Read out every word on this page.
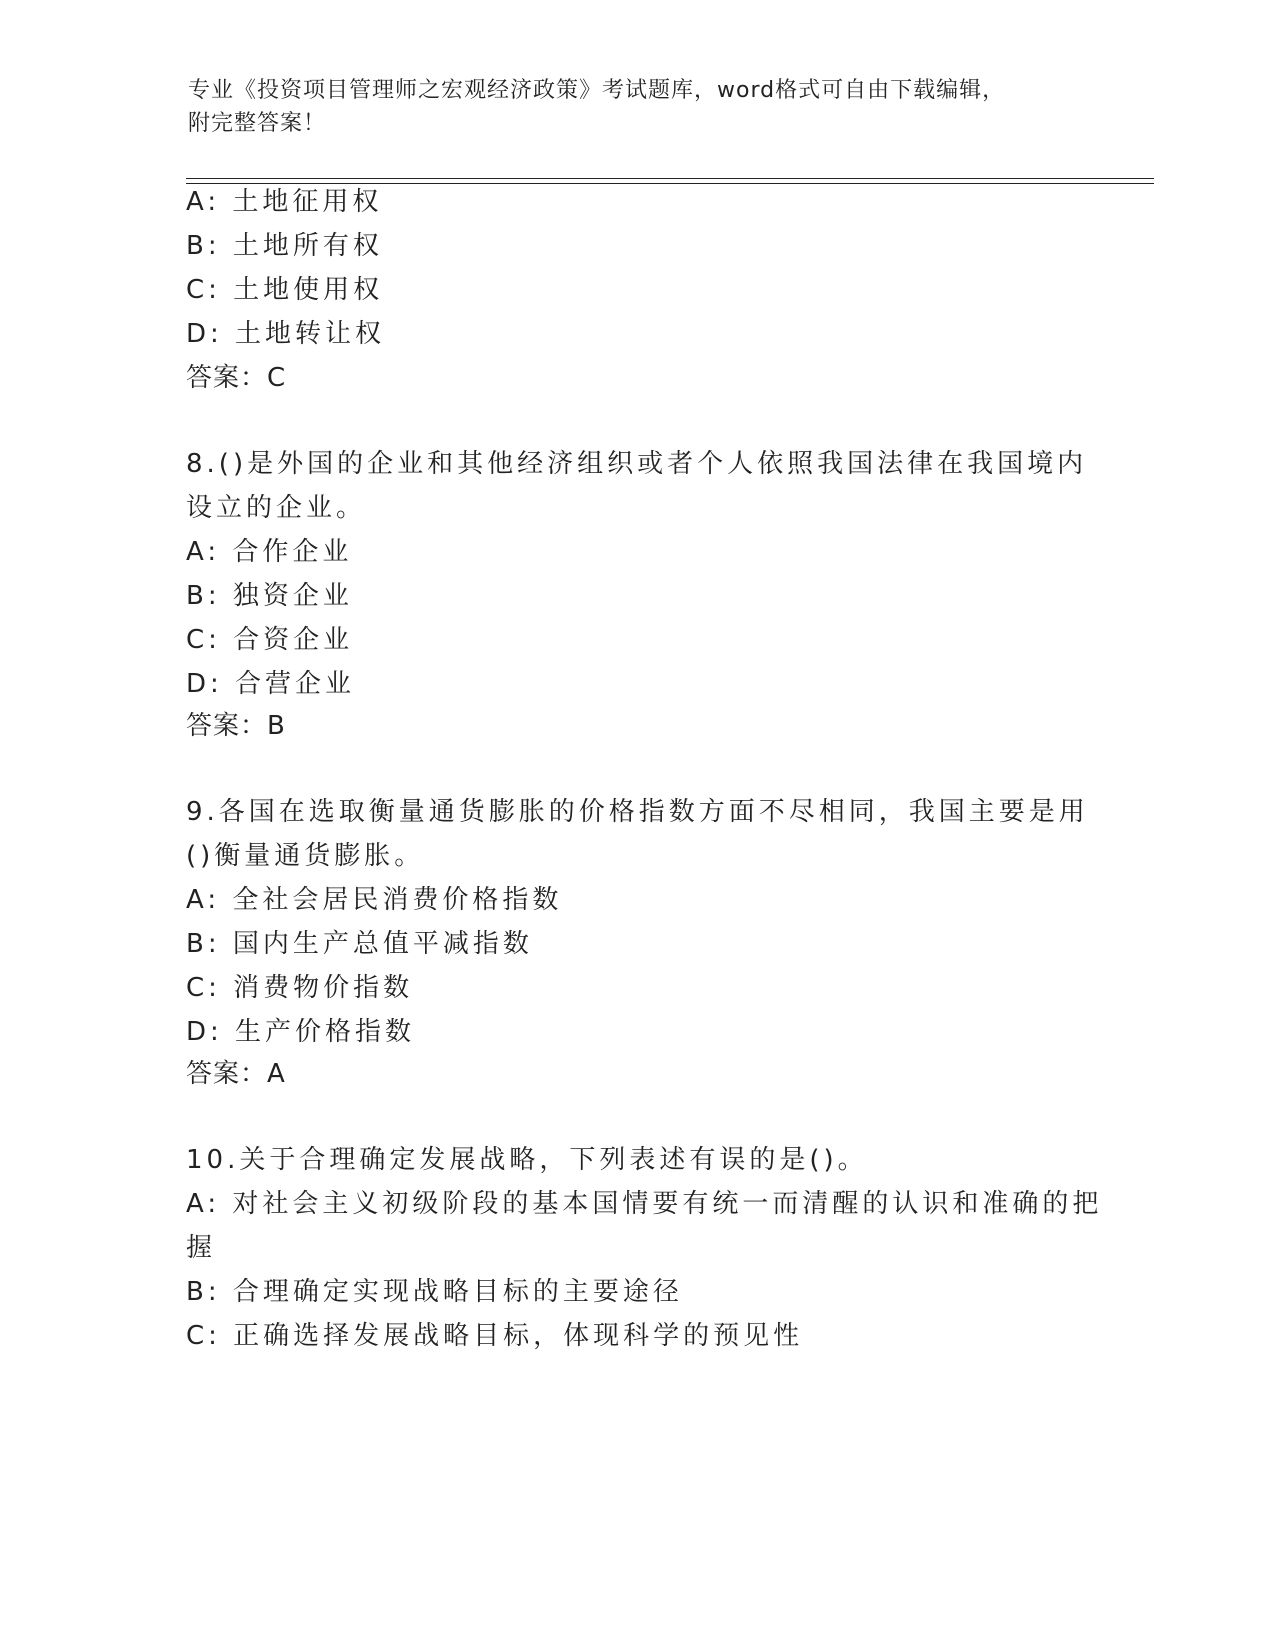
专业《投资项目管理师之宏观经济政策》考试题库，word格式可自由下载编辑，
附完整答案！
A: 土地征用权
B: 土地所有权
C: 土地使用权
D: 土地转让权
答案：C
8.()是外国的企业和其他经济组织或者个人依照我国法律在我国境内
设立的企业。
A: 合作企业
B: 独资企业
C: 合资企业
D: 合营企业
答案：B
9.各国在选取衡量通货膨胀的价格指数方面不尽相同，我国主要是用
()衡量通货膨胀。
A: 全社会居民消费价格指数
B: 国内生产总值平减指数
C: 消费物价指数
D: 生产价格指数
答案：A
10.关于合理确定发展战略，下列表述有误的是()。
A: 对社会主义初级阶段的基本国情要有统一而清醒的认识和准确的把
握
B: 合理确定实现战略目标的主要途径
C: 正确选择发展战略目标，体现科学的预见性
